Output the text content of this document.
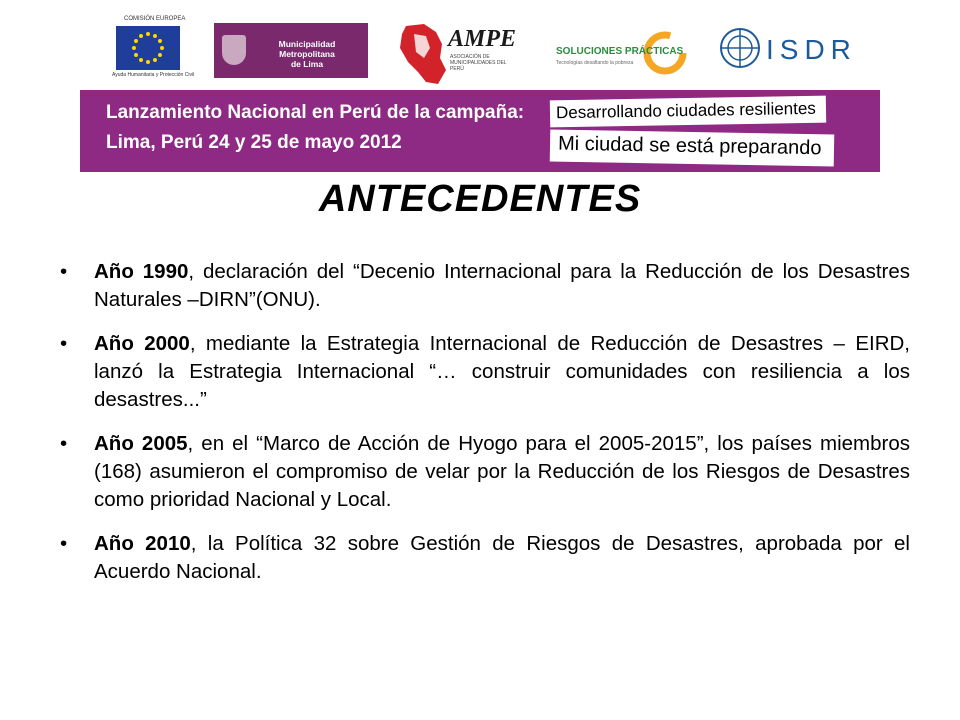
COMISIÓN EUROPEA
Ayuda Humanitaria y Protección Civil
Municipalidad Metropolitana
de Lima
AMPE
ASOCIACIÓN DE MUNICIPALIDADES DEL PERÚ
SOLUCIONES PRÁCTICAS
Tecnologías desafiando la pobreza	ISDR
Lanzamiento Nacional en Perú de la campaña:
Lima, Perú 24 y 25 de mayo 2012
Desarrollando ciudades resilientes
Mi ciudad se está preparando
ANTECEDENTES
• Año 1990, declaración del “Decenio Internacional para la Reducción de los Desastres Naturales –DIRN”(ONU).
• Año 2000, mediante la Estrategia Internacional de Reducción de Desastres – EIRD, lanzó la Estrategia Internacional “… construir comunidades con resiliencia a los desastres...”
• Año 2005, en el “Marco de Acción de Hyogo para el 2005-2015”, los países miembros (168) asumieron el compromiso de velar por la Reducción de los Riesgos de Desastres como prioridad Nacional y Local.
• Año 2010, la Política 32 sobre Gestión de Riesgos de Desastres, aprobada por el Acuerdo Nacional.
